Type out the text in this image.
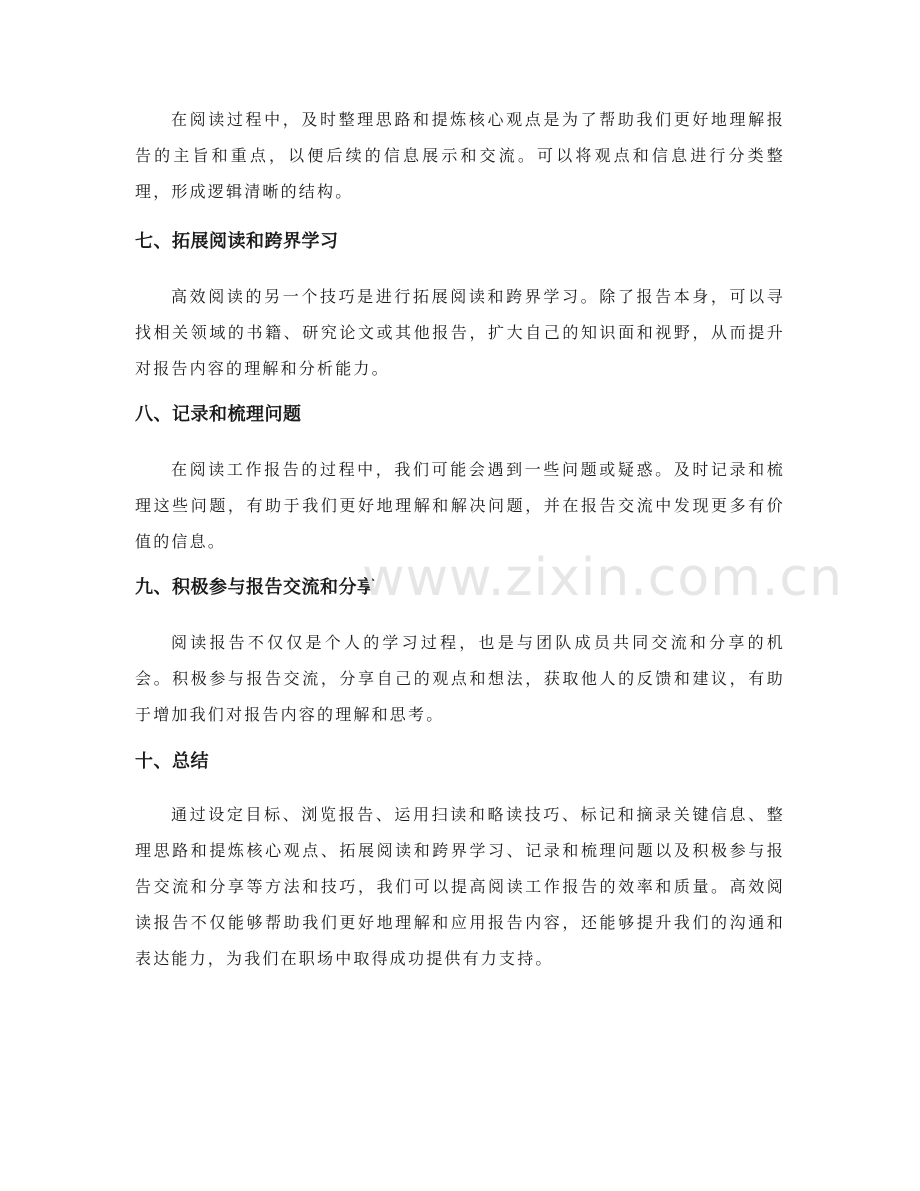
在阅读过程中，及时整理思路和提炼核心观点是为了帮助我们更好地理解报告的主旨和重点，以便后续的信息展示和交流。可以将观点和信息进行分类整理，形成逻辑清晰的结构。

七、拓展阅读和跨界学习

高效阅读的另一个技巧是进行拓展阅读和跨界学习。除了报告本身，可以寻找相关领域的书籍、研究论文或其他报告，扩大自己的知识面和视野，从而提升对报告内容的理解和分析能力。

八、记录和梳理问题

在阅读工作报告的过程中，我们可能会遇到一些问题或疑惑。及时记录和梳理这些问题，有助于我们更好地理解和解决问题，并在报告交流中发现更多有价值的信息。

九、积极参与报告交流和分享

阅读报告不仅仅是个人的学习过程，也是与团队成员共同交流和分享的机会。积极参与报告交流，分享自己的观点和想法，获取他人的反馈和建议，有助于增加我们对报告内容的理解和思考。

十、总结

通过设定目标、浏览报告、运用扫读和略读技巧、标记和摘录关键信息、整理思路和提炼核心观点、拓展阅读和跨界学习、记录和梳理问题以及积极参与报告交流和分享等方法和技巧，我们可以提高阅读工作报告的效率和质量。高效阅读报告不仅能够帮助我们更好地理解和应用报告内容，还能够提升我们的沟通和表达能力，为我们在职场中取得成功提供有力支持。

www.zixin.com.cn
